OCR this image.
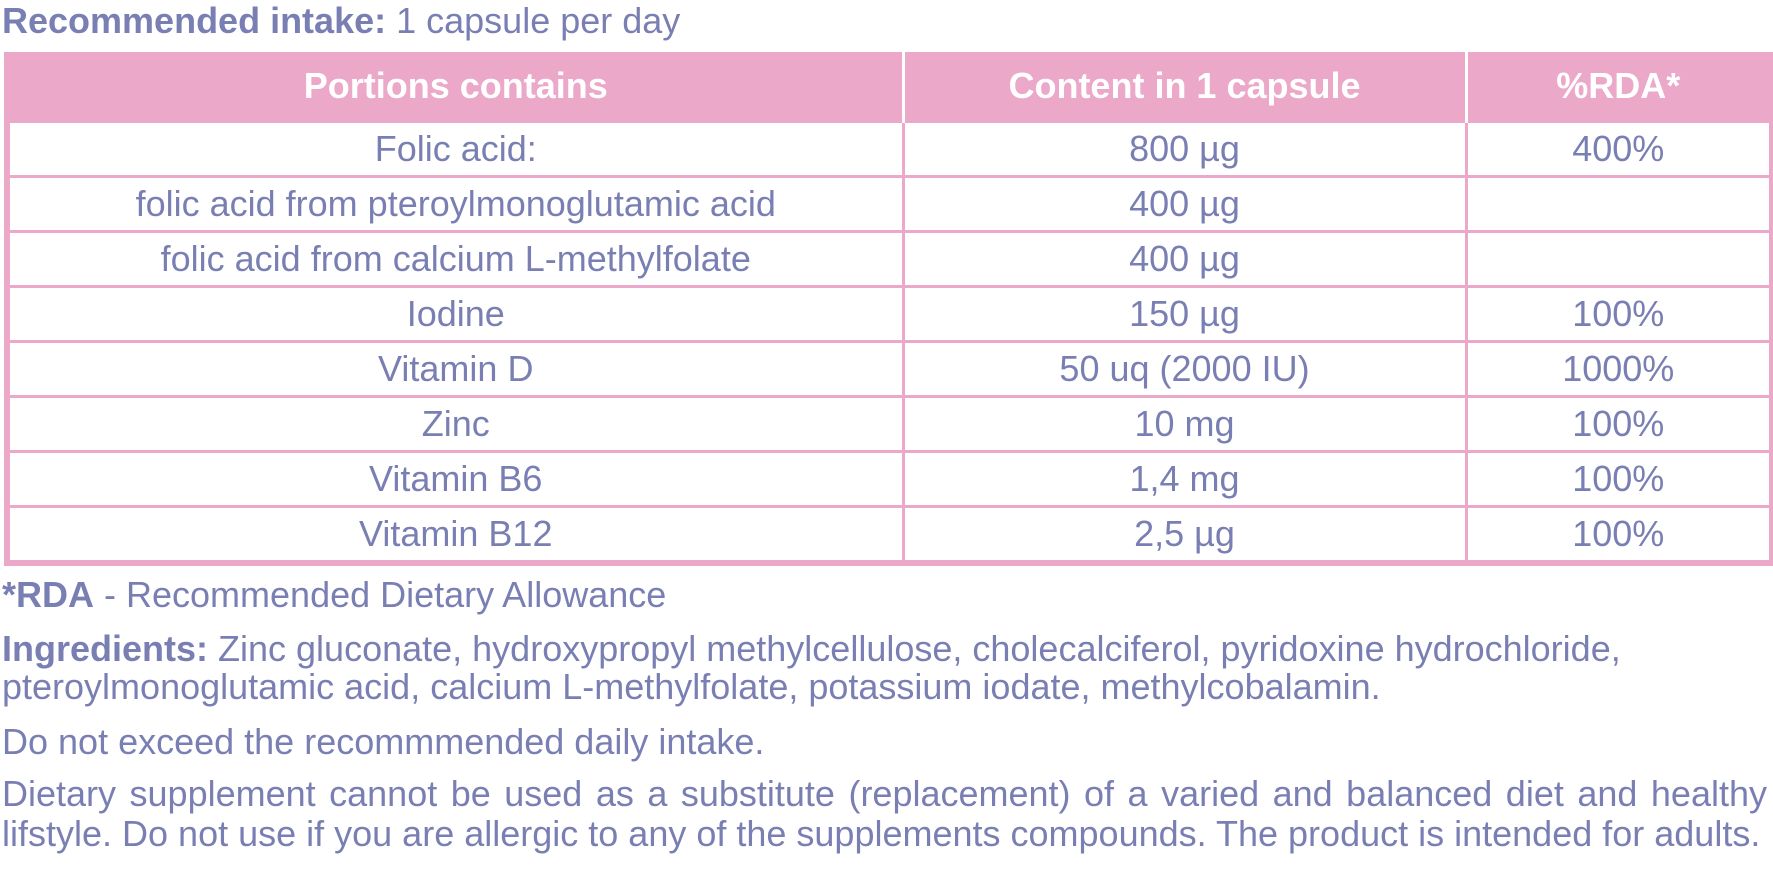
Recommended intake: 1 capsule per day
Portions contains	Content in 1 capsule	%RDA*
Folic acid:	800 µg	400%
folic acid from pteroylmonoglutamic acid	400 µg	
folic acid from calcium L-methylfolate	400 µg	
Iodine	150 µg	100%
Vitamin D	50 uq (2000 IU)	1000%
Zinc	10 mg	100%
Vitamin B6	1,4 mg	100%
Vitamin B12	2,5 µg	100%
*RDA - Recommended Dietary Allowance
Ingredients: Zinc gluconate, hydroxypropyl methylcellulose, cholecalciferol, pyridoxine hydrochloride,
pteroylmonoglutamic acid, calcium L-methylfolate, potassium iodate, methylcobalamin.
Do not exceed the recommmended daily intake.
Dietary supplement cannot be used as a substitute (replacement) of a varied and balanced diet and healthy lifstyle. Do not use if you are allergic to any of the supplements compounds. The product is intended for adults.
